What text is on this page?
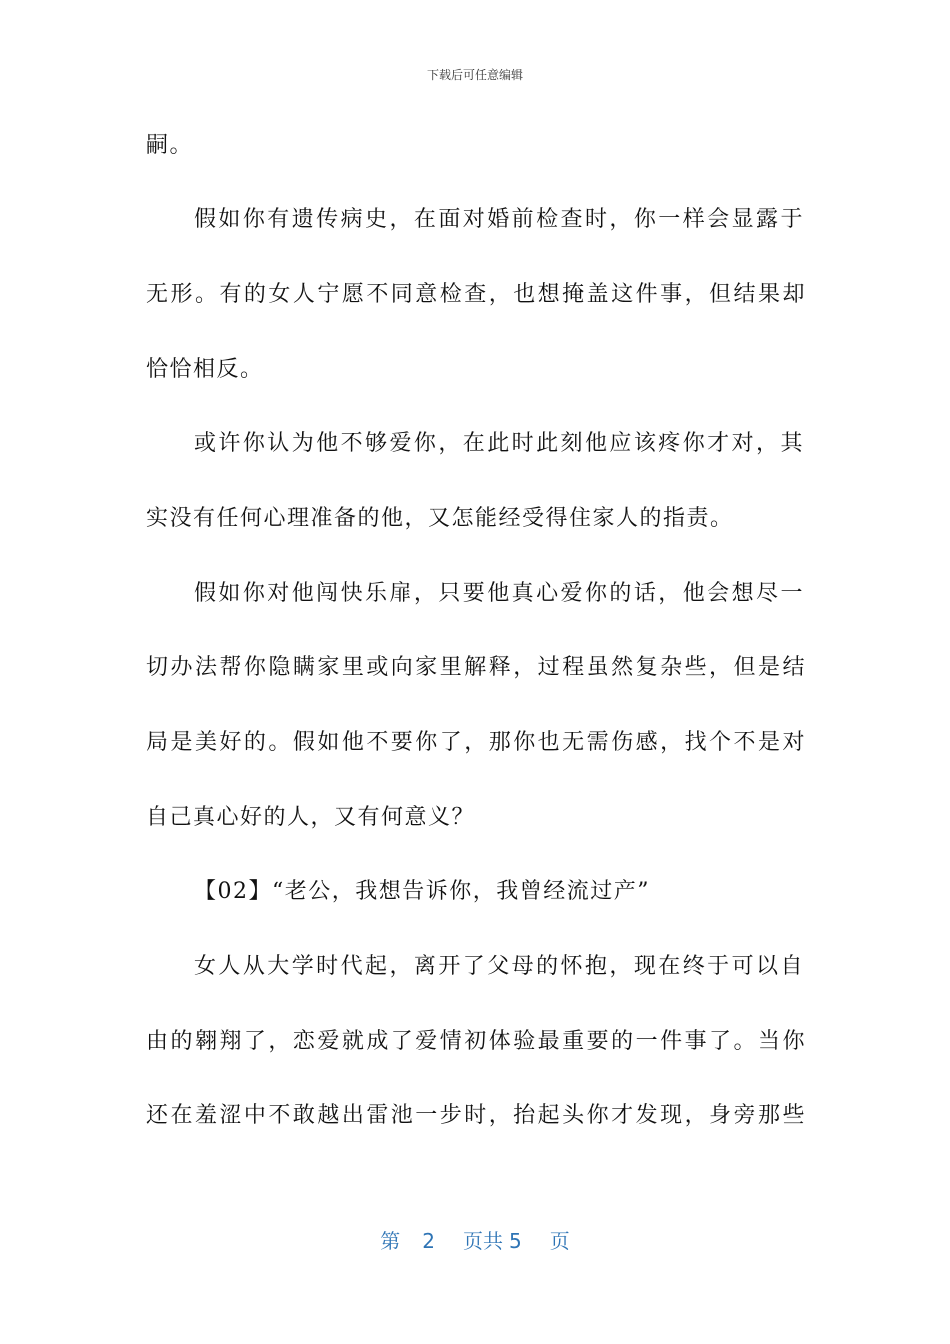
下载后可任意编辑
嗣。
假如你有遗传病史，在面对婚前检查时，你一样会显露于
无形。有的女人宁愿不同意检查，也想掩盖这件事，但结果却
恰恰相反。
或许你认为他不够爱你，在此时此刻他应该疼你才对，其
实没有任何心理准备的他，又怎能经受得住家人的指责。
假如你对他闯快乐扉，只要他真心爱你的话，他会想尽一
切办法帮你隐瞒家里或向家里解释，过程虽然复杂些，但是结
局是美好的。假如他不要你了，那你也无需伤感，找个不是对
自己真心好的人，又有何意义？
【02】“老公，我想告诉你，我曾经流过产”
女人从大学时代起，离开了父母的怀抱，现在终于可以自
由的翱翔了，恋爱就成了爱情初体验最重要的一件事了。当你
还在羞涩中不敢越出雷池一步时，抬起头你才发现，身旁那些
第 2 页共 5 页
